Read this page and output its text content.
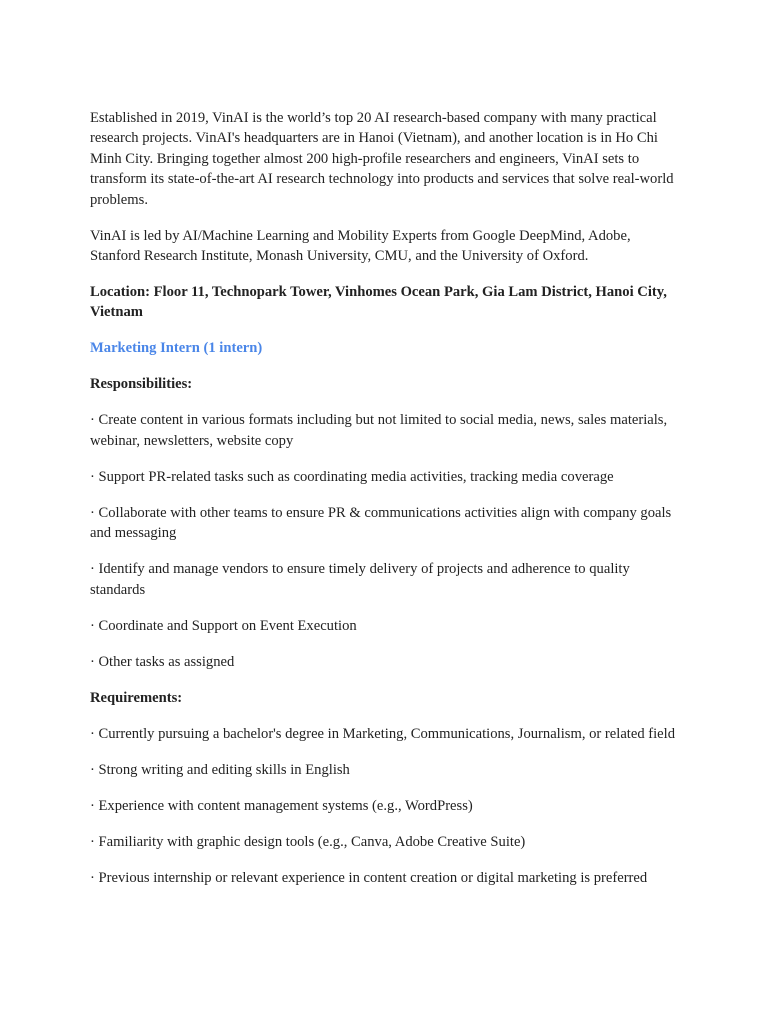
Established in 2019, VinAI is the world’s top 20 AI research-based company with many practical research projects. VinAI's headquarters are in Hanoi (Vietnam), and another location is in Ho Chi Minh City. Bringing together almost 200 high-profile researchers and engineers, VinAI sets to transform its state-of-the-art AI research technology into products and services that solve real-world problems.

VinAI is led by AI/Machine Learning and Mobility Experts from Google DeepMind, Adobe, Stanford Research Institute, Monash University, CMU, and the University of Oxford.

Location: Floor 11, Technopark Tower, Vinhomes Ocean Park, Gia Lam District, Hanoi City, Vietnam

Marketing Intern (1 intern)

Responsibilities:

· Create content in various formats including but not limited to social media, news, sales materials, webinar, newsletters, website copy
· Support PR-related tasks such as coordinating media activities, tracking media coverage
· Collaborate with other teams to ensure PR & communications activities align with company goals and messaging
· Identify and manage vendors to ensure timely delivery of projects and adherence to quality standards
· Coordinate and Support on Event Execution
· Other tasks as assigned

Requirements:

· Currently pursuing a bachelor's degree in Marketing, Communications, Journalism, or related field
· Strong writing and editing skills in English
· Experience with content management systems (e.g., WordPress)
· Familiarity with graphic design tools (e.g., Canva, Adobe Creative Suite)
· Previous internship or relevant experience in content creation or digital marketing is preferred
